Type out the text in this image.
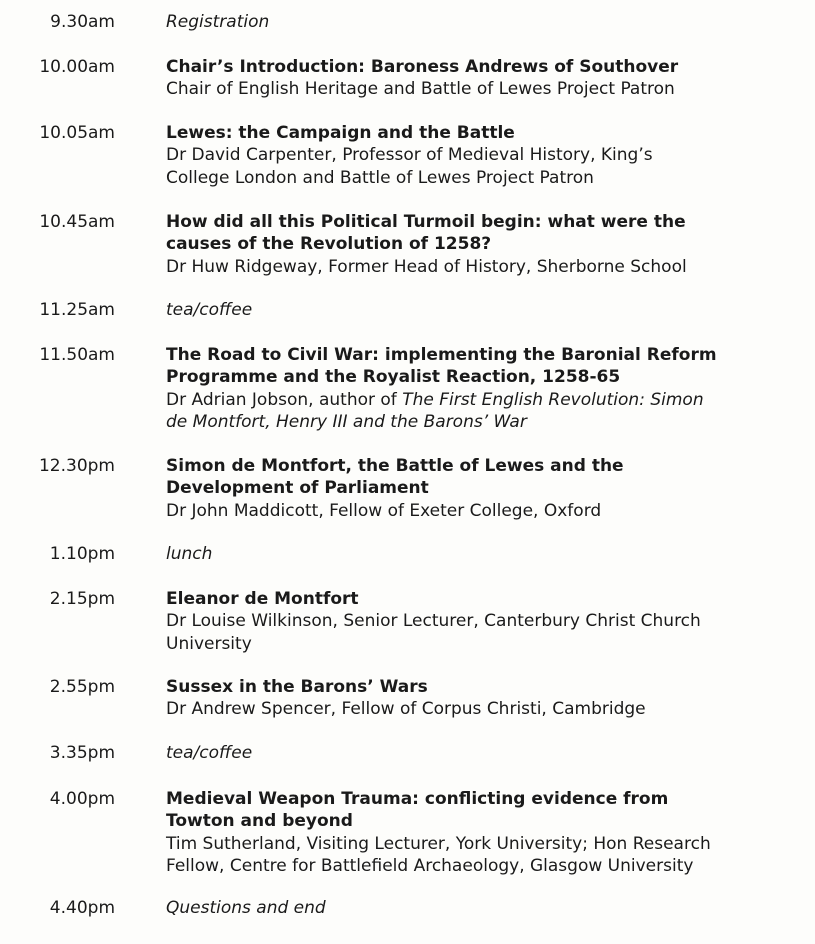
9.30am	Registration
10.00am	Chair’s Introduction: Baroness Andrews of Southover
Chair of English Heritage and Battle of Lewes Project Patron
10.05am	Lewes: the Campaign and the Battle
Dr David Carpenter, Professor of Medieval History, King’s
College London and Battle of Lewes Project Patron
10.45am	How did all this Political Turmoil begin: what were the
causes of the Revolution of 1258?
Dr Huw Ridgeway, Former Head of History, Sherborne School
11.25am	tea/coffee
11.50am	The Road to Civil War: implementing the Baronial Reform
Programme and the Royalist Reaction, 1258-65
Dr Adrian Jobson, author of The First English Revolution: Simon
de Montfort, Henry III and the Barons’ War
12.30pm	Simon de Montfort, the Battle of Lewes and the
Development of Parliament
Dr John Maddicott, Fellow of Exeter College, Oxford
1.10pm	lunch
2.15pm	Eleanor de Montfort
Dr Louise Wilkinson, Senior Lecturer, Canterbury Christ Church
University
2.55pm	Sussex in the Barons’ Wars
Dr Andrew Spencer, Fellow of Corpus Christi, Cambridge
3.35pm	tea/coffee
4.00pm	Medieval Weapon Trauma: conflicting evidence from
Towton and beyond
Tim Sutherland, Visiting Lecturer, York University; Hon Research
Fellow, Centre for Battlefield Archaeology, Glasgow University
4.40pm	Questions and end
